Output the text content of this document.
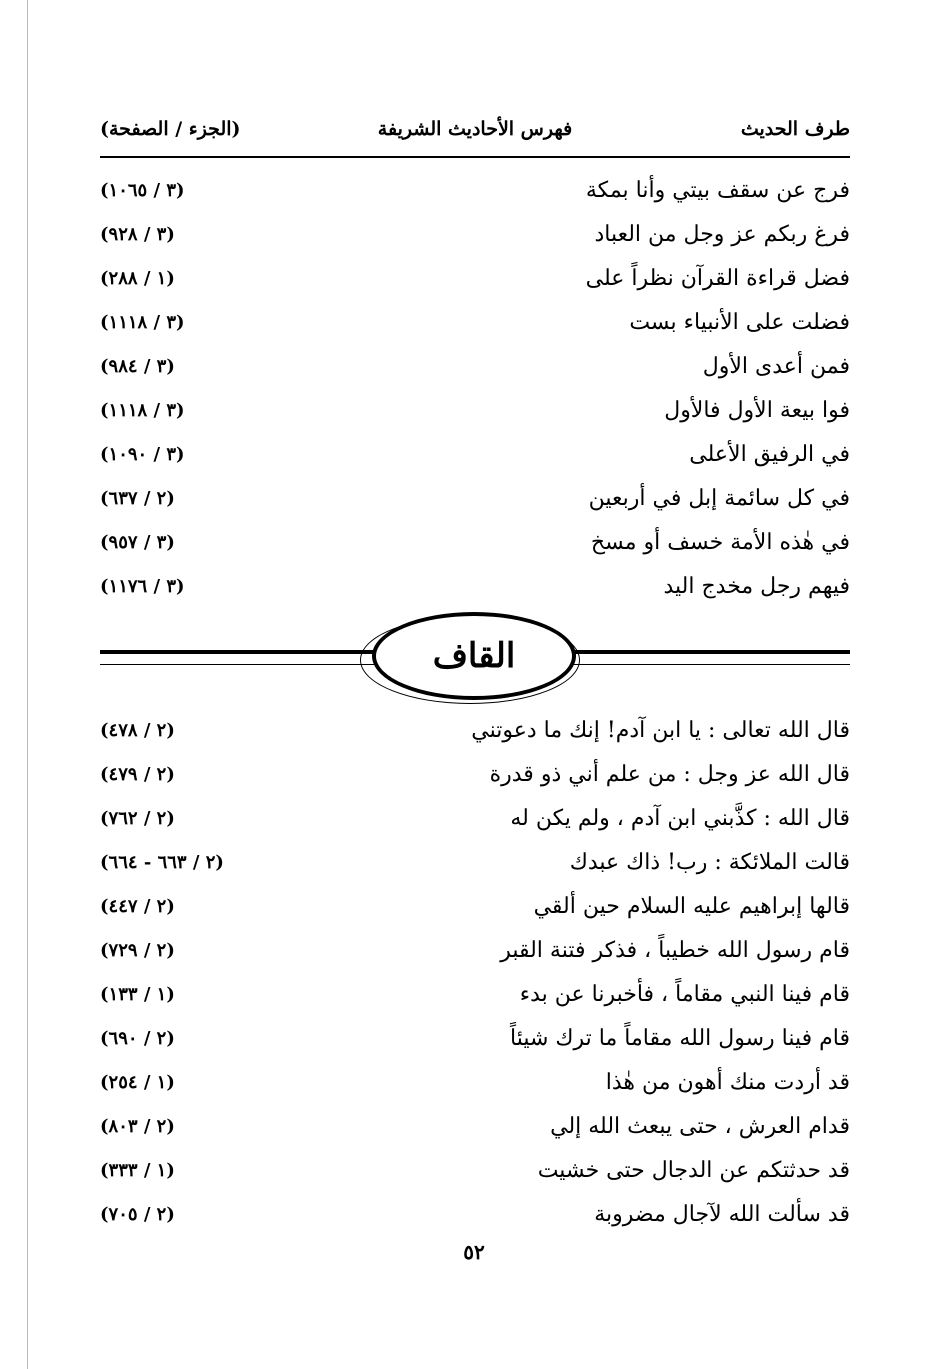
طرف الحديث
فهرس الأحاديث الشريفة
(الجزء / الصفحة)
فرج عن سقف بيتي وأنا بمكة
(٣ / ١٠٦٥)
فرغ ربكم عز وجل من العباد
(٣ / ٩٢٨)
فضل قراءة القرآن نظراً على
(١ / ٢٨٨)
فضلت على الأنبياء بست
(٣ / ١١١٨)
فمن أعدى الأول
(٣ / ٩٨٤)
فوا بيعة الأول فالأول
(٣ / ١١١٨)
في الرفيق الأعلى
(٣ / ١٠٩٠)
في كل سائمة إبل في أربعين
(٢ / ٦٣٧)
في هٰذه الأمة خسف أو مسخ
(٣ / ٩٥٧)
فيهم رجل مخدج اليد
(٣ / ١١٧٦)
القاف
قال الله تعالى : يا ابن آدم! إنك ما دعوتني
(٢ / ٤٧٨)
قال الله عز وجل : من علم أني ذو قدرة
(٢ / ٤٧٩)
قال الله : كذَّبني ابن آدم ، ولم يكن له
(٢ / ٧٦٢)
قالت الملائكة : رب! ذاك عبدك
(٢ / ٦٦٣ - ٦٦٤)
قالها إبراهيم عليه السلام حين ألقي
(٢ / ٤٤٧)
قام رسول الله خطيباً ، فذكر فتنة القبر
(٢ / ٧٢٩)
قام فينا النبي مقاماً ، فأخبرنا عن بدء
(١ / ١٣٣)
قام فينا رسول الله مقاماً ما ترك شيئاً
(٢ / ٦٩٠)
قد أردت منك أهون من هٰذا
(١ / ٢٥٤)
قدام العرش ، حتى يبعث الله إلي
(٢ / ٨٠٣)
قد حدثتكم عن الدجال حتى خشيت
(١ / ٣٣٣)
قد سألت الله لآجال مضروبة
(٢ / ٧٠٥)
٥٢
